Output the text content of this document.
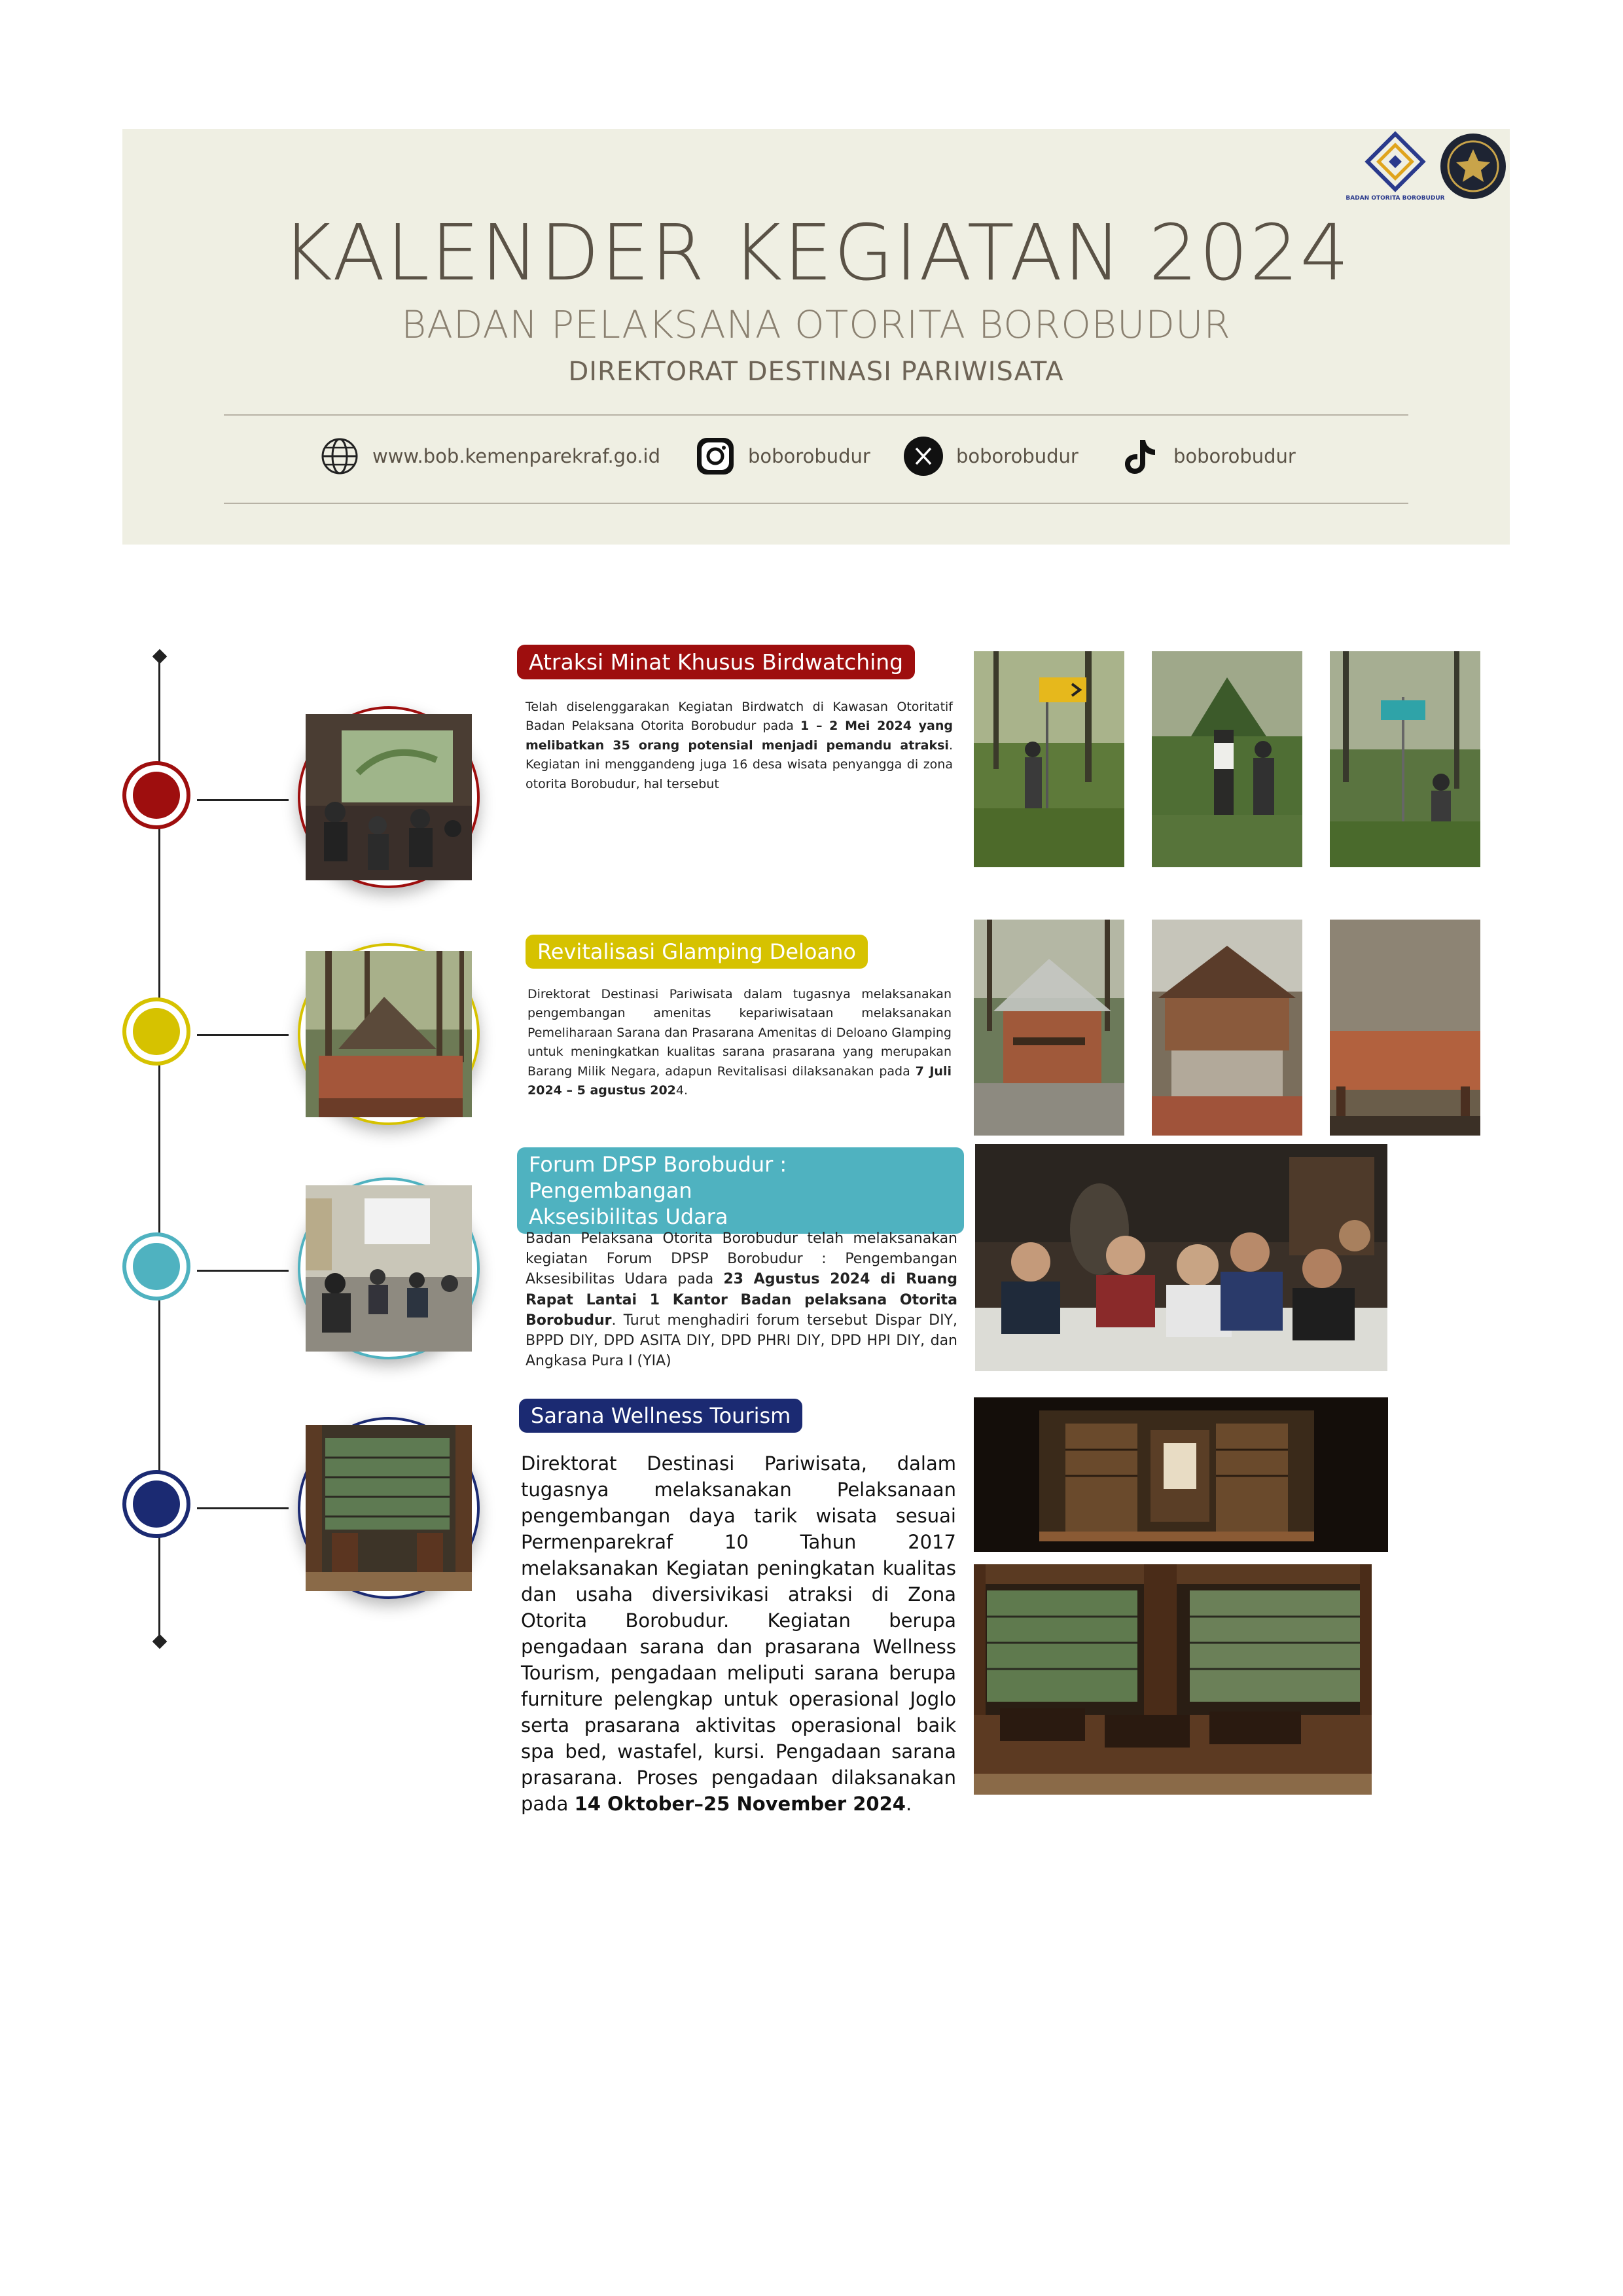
BADAN OTORITA BOROBUDUR
KALENDER KEGIATAN 2024
BADAN PELAKSANA OTORITA BOROBUDUR
DIREKTORAT DESTINASI PARIWISATA
www.bob.kemenparekraf.go.id	boborobudur	boborobudur	boborobudur
Atraksi Minat Khusus Birdwatching
Telah diselenggarakan Kegiatan Birdwatch di Kawasan Otoritatif Badan Pelaksana Otorita Borobudur pada 1 – 2 Mei 2024 yang melibatkan 35 orang potensial menjadi pemandu atraksi. Kegiatan ini menggandeng juga 16 desa wisata penyangga di zona otorita Borobudur, hal tersebut
Revitalisasi Glamping Deloano
Direktorat Destinasi Pariwisata dalam tugasnya melaksanakan pengembangan amenitas kepariwisataan melaksanakan Pemeliharaan Sarana dan Prasarana Amenitas di Deloano Glamping untuk meningkatkan kualitas sarana prasarana yang merupakan Barang Milik Negara, adapun Revitalisasi dilaksanakan pada 7 Juli 2024 – 5 agustus 2024.
Forum DPSP Borobudur : Pengembangan
Aksesibilitas Udara
Badan Pelaksana Otorita Borobudur telah melaksanakan kegiatan Forum DPSP Borobudur : Pengembangan Aksesibilitas Udara pada 23 Agustus 2024 di Ruang Rapat Lantai 1 Kantor Badan pelaksana Otorita Borobudur. Turut menghadiri forum tersebut Dispar DIY, BPPD DIY, DPD ASITA DIY, DPD PHRI DIY, DPD HPI DIY, dan Angkasa Pura I (YIA)
Sarana Wellness Tourism
Direktorat Destinasi Pariwisata, dalam tugasnya melaksanakan Pelaksanaan pengembangan daya tarik wisata sesuai Permenparekraf 10 Tahun 2017 melaksanakan Kegiatan peningkatan kualitas dan usaha diversivikasi atraksi di Zona Otorita Borobudur. Kegiatan berupa pengadaan sarana dan prasarana Wellness Tourism, pengadaan meliputi sarana berupa furniture pelengkap untuk operasional Joglo serta prasarana aktivitas operasional baik spa bed, wastafel, kursi. Pengadaan sarana prasarana. Proses pengadaan dilaksanakan pada 14 Oktober–25 November 2024.
